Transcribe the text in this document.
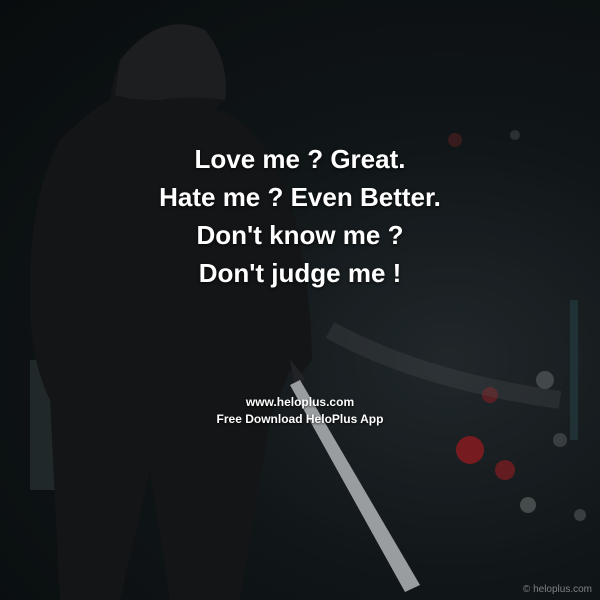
Love me ? Great.
Hate me ? Even Better.
Don't know me ?
Don't judge me !
www.heloplus.com
Free Download HeloPlus App
© heloplus.com
